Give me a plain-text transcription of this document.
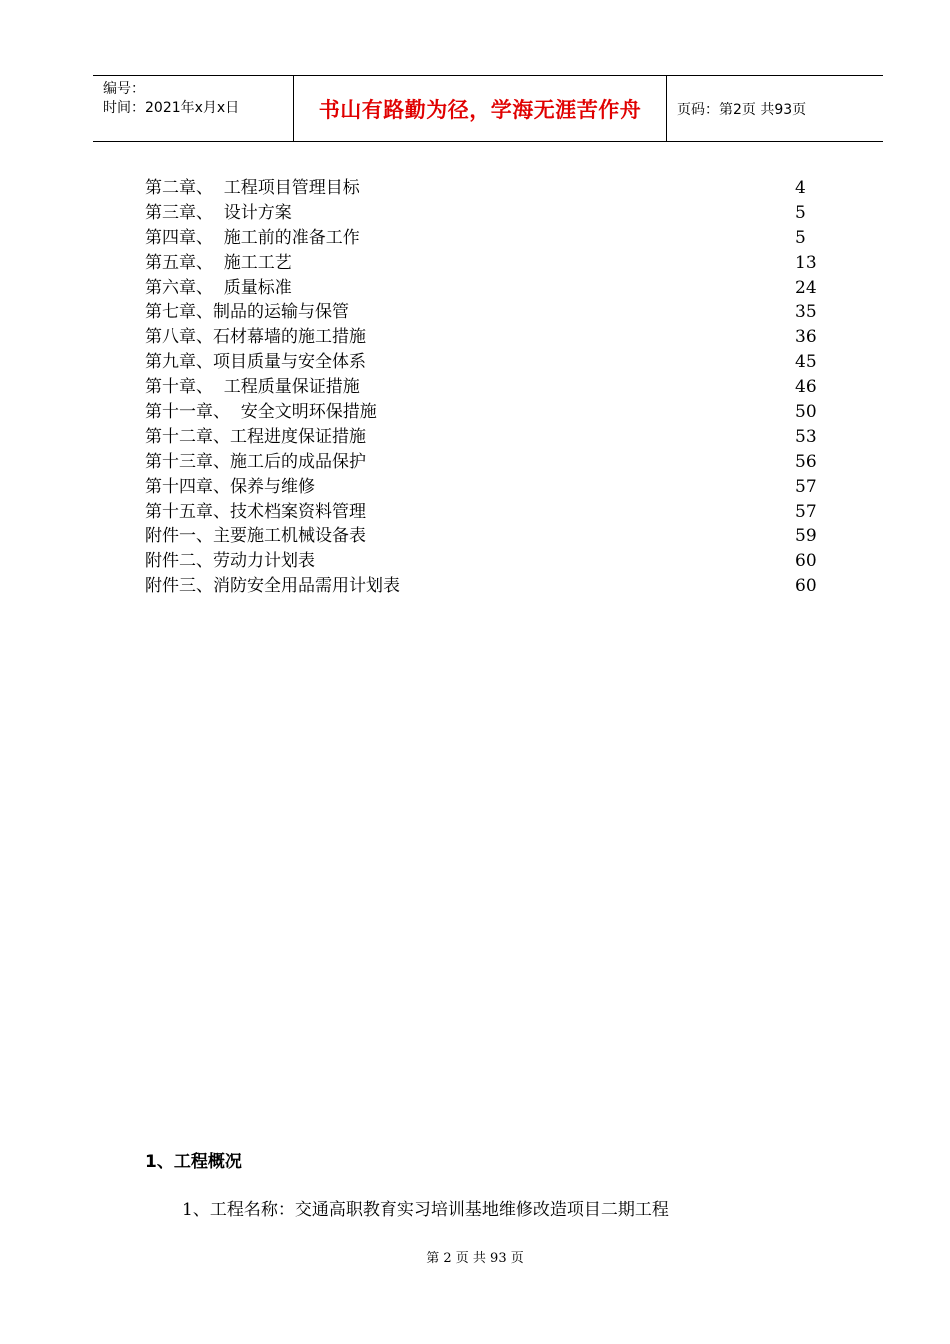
编号：
时间：2021年x月x日	书山有路勤为径，学海无涯苦作舟	页码：第2页 共93页
第二章、  工程项目管理目标	4
第三章、  设计方案	5
第四章、  施工前的准备工作	5
第五章、  施工工艺	13
第六章、  质量标准	24
第七章、制品的运输与保管	35
第八章、石材幕墙的施工措施	36
第九章、项目质量与安全体系	45
第十章、  工程质量保证措施	46
第十一章、  安全文明环保措施	50
第十二章、工程进度保证措施	53
第十三章、施工后的成品保护	56
第十四章、保养与维修	57
第十五章、技术档案资料管理	57
附件一、主要施工机械设备表	59
附件二、劳动力计划表	60
附件三、消防安全用品需用计划表	60
1、工程概况
1、工程名称：交通高职教育实习培训基地维修改造项目二期工程
第 2 页 共 93 页
